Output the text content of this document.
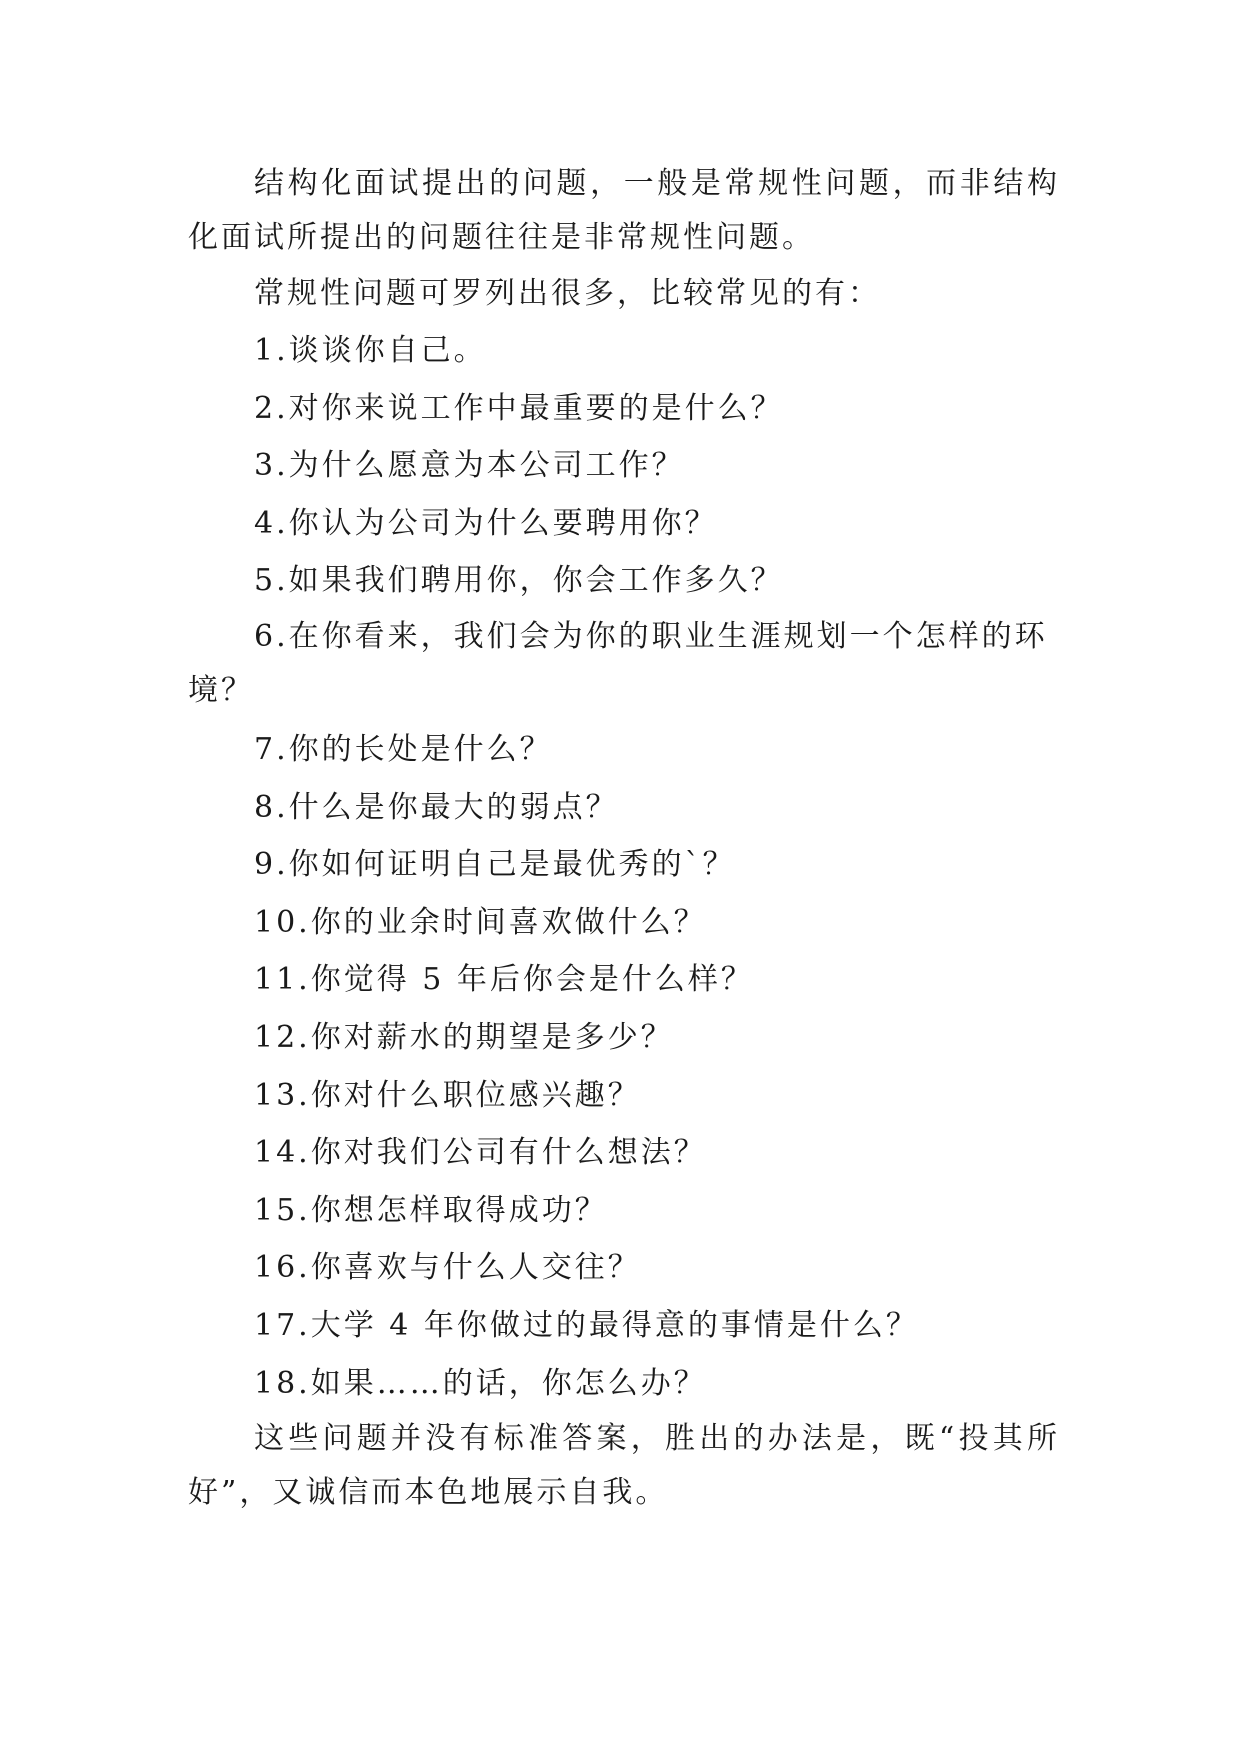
结构化面试提出的问题，一般是常规性问题，而非结构化面试所提出的问题往往是非常规性问题。

常规性问题可罗列出很多，比较常见的有：

1.谈谈你自己。
2.对你来说工作中最重要的是什么？
3.为什么愿意为本公司工作？
4.你认为公司为什么要聘用你？
5.如果我们聘用你，你会工作多久？
6.在你看来，我们会为你的职业生涯规划一个怎样的环境？
7.你的长处是什么？
8.什么是你最大的弱点？
9.你如何证明自己是最优秀的`？
10.你的业余时间喜欢做什么？
11.你觉得 5 年后你会是什么样？
12.你对薪水的期望是多少？
13.你对什么职位感兴趣？
14.你对我们公司有什么想法？
15.你想怎样取得成功？
16.你喜欢与什么人交往？
17.大学 4 年你做过的最得意的事情是什么？
18.如果……的话，你怎么办？

这些问题并没有标准答案，胜出的办法是，既“投其所好”，又诚信而本色地展示自我。
